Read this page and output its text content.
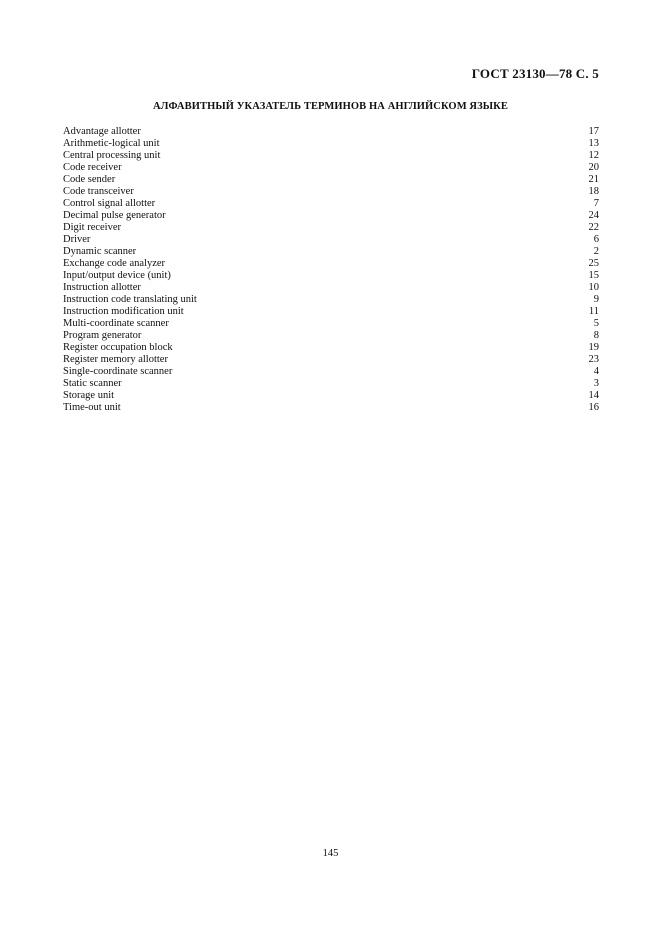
ГОСТ 23130—78 С. 5
АЛФАВИТНЫЙ УКАЗАТЕЛЬ ТЕРМИНОВ НА АНГЛИЙСКОМ ЯЗЫКЕ
Advantage allotter	17
Arithmetic-logical unit	13
Central processing unit	12
Code receiver	20
Code sender	21
Code transceiver	18
Control signal allotter	7
Decimal pulse generator	24
Digit receiver	22
Driver	6
Dynamic scanner	2
Exchange code analyzer	25
Input/output device (unit)	15
Instruction allotter	10
Instruction code translating unit	9
Instruction modification unit	11
Multi-coordinate scanner	5
Program generator	8
Register occupation block	19
Register memory allotter	23
Single-coordinate scanner	4
Static scanner	3
Storage unit	14
Time-out unit	16
145
